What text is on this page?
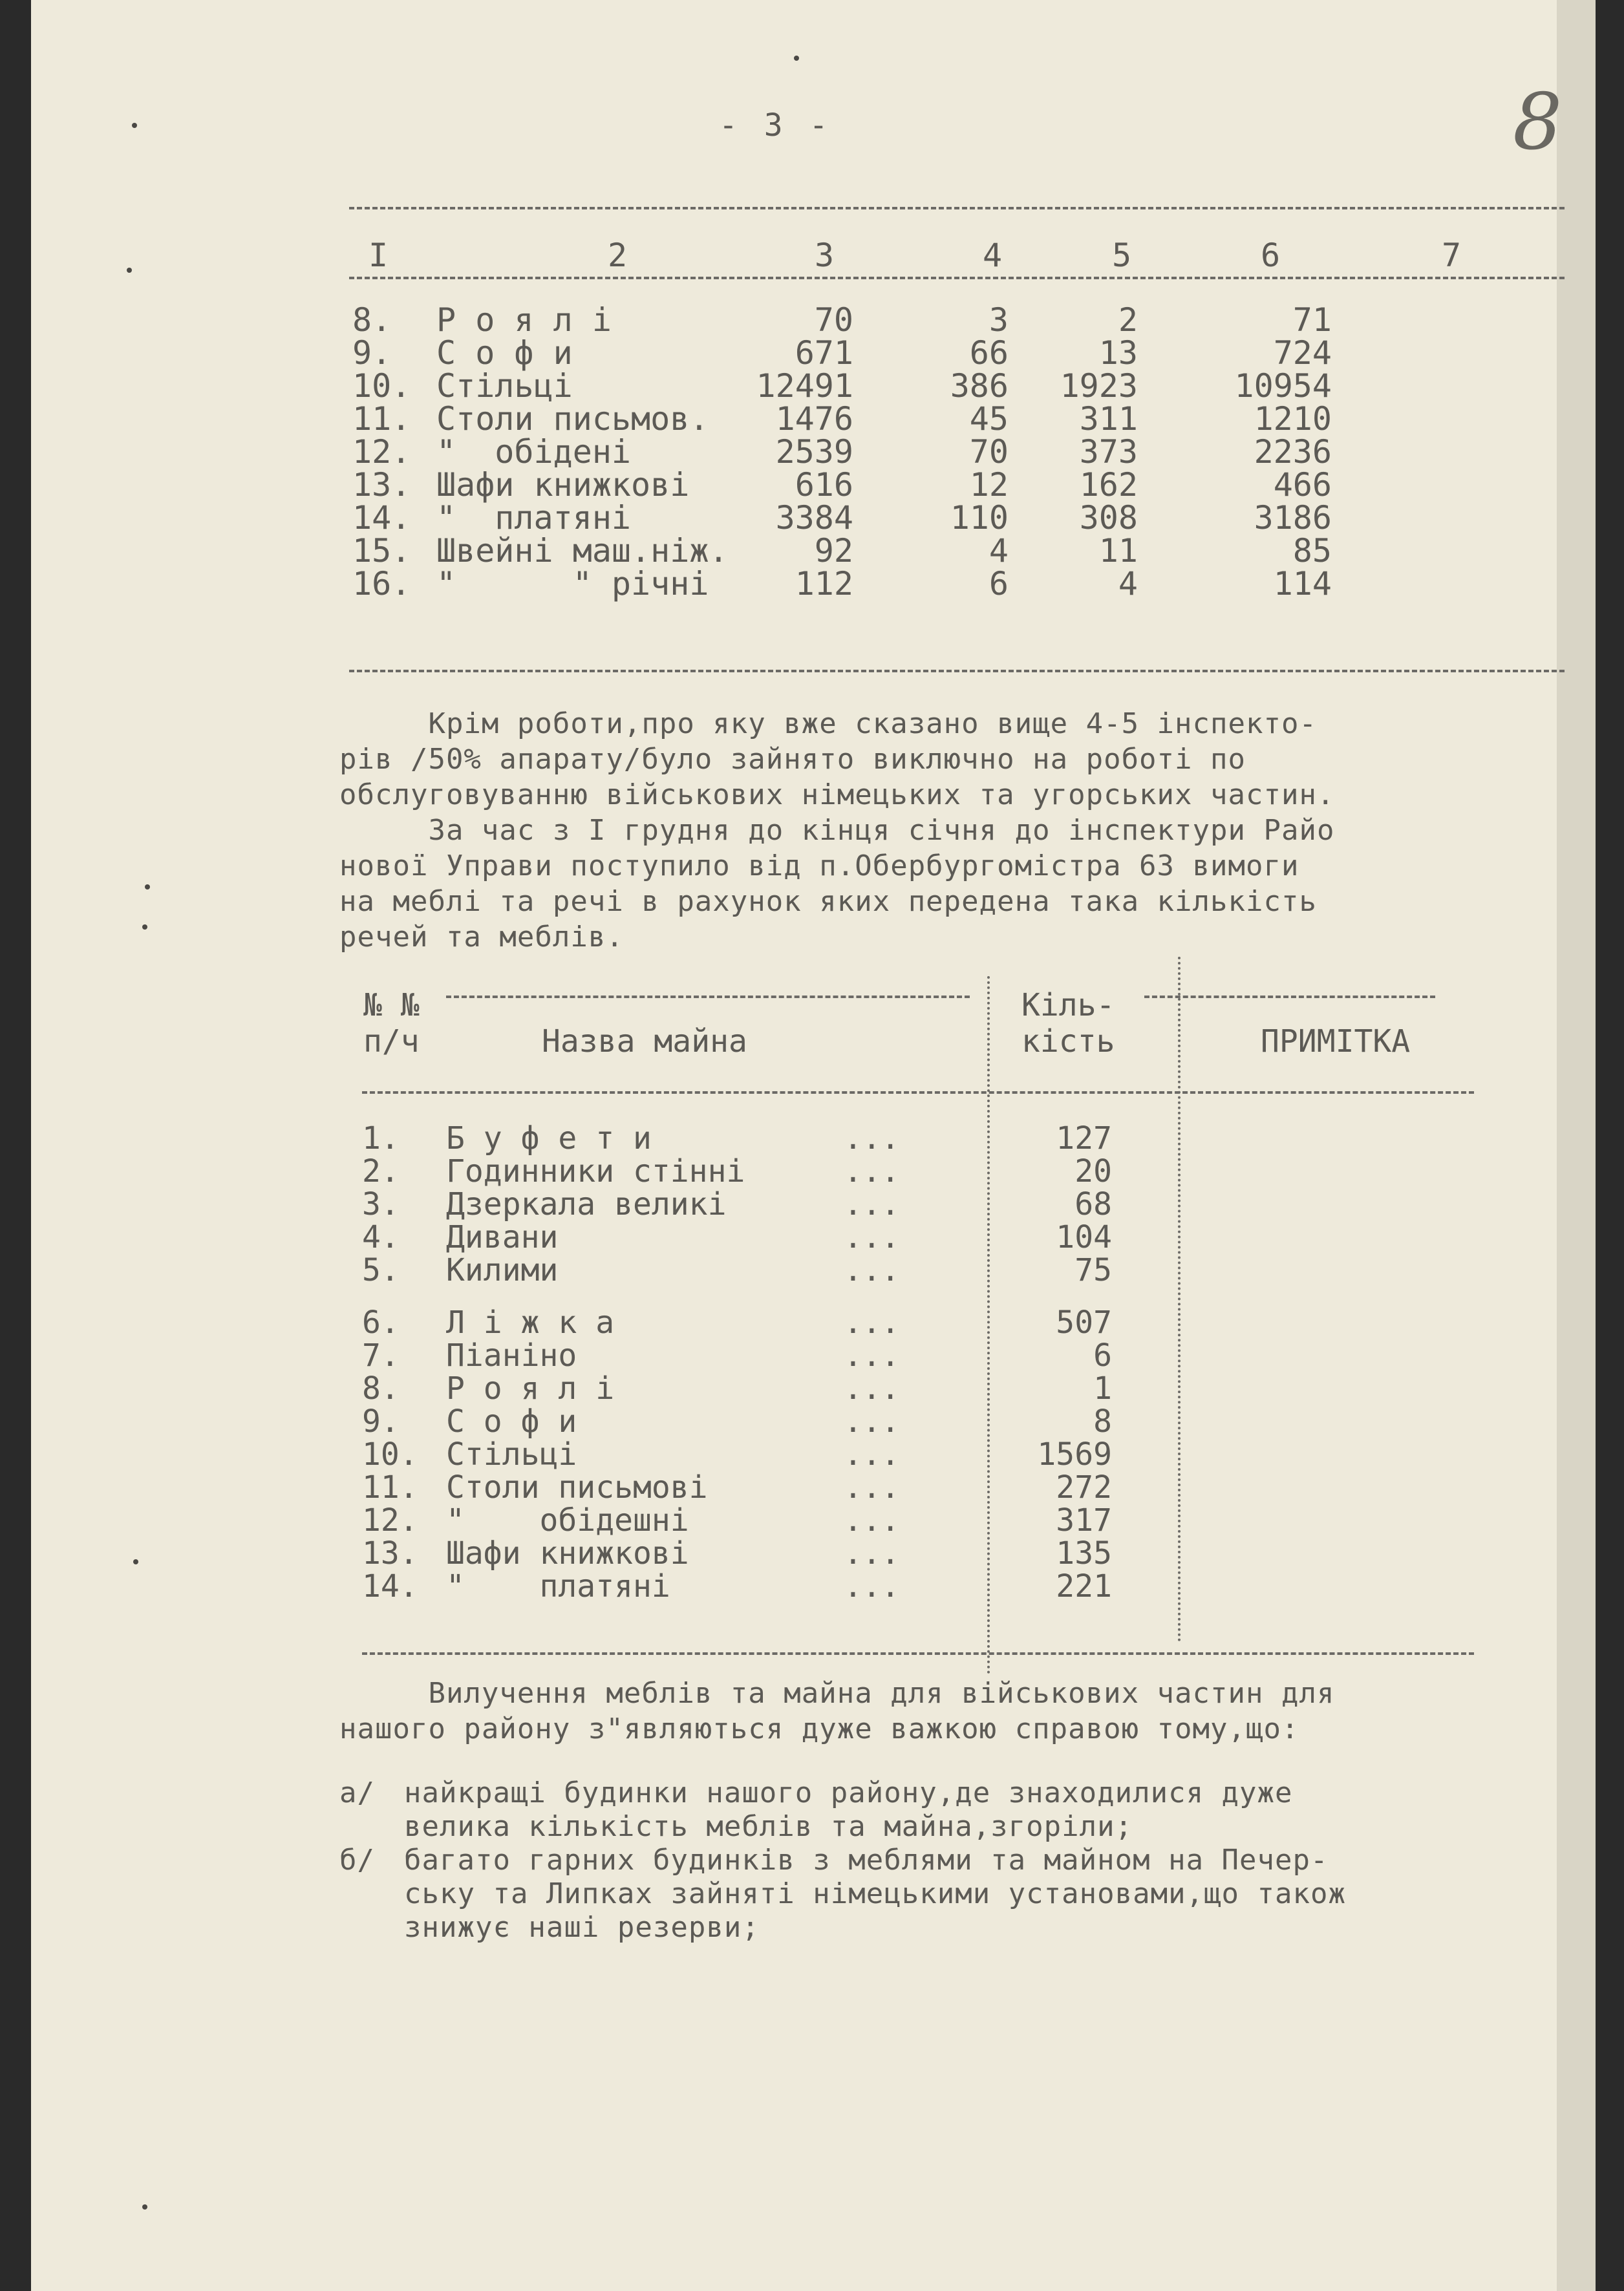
- 3 -	8
I	2	3	4	5	6	7
8. Р о я л і	70	3	2	71
9. С о ф и	671	66	13	724
10. Стільці	12491	386	1923	10954
11. Столи письмов.	1476	45	311	1210
12. "  обідені	2539	70	373	2236
13. Шафи книжкові	616	12	162	466
14. "  платяні	3384	110	308	3186
15. Швейні маш.ніж.	92	4	11	85
16. "      " річні	112	6	4	114
Крім роботи,про яку вже сказано вище 4-5 інспекто-
рів /50% апарату/було зайнято виключно на роботі по
обслуговуванню військових німецьких та угорських частин.
За час з I грудня до кінця січня до інспектури Райо
нової Управи поступило від п.Обербургомістра 63 вимоги
на меблі та речі в рахунок яких передена така кількість
речей та меблів.
№ №
п/ч	Назва майна
Кіль-
кість	ПРИМІТКА
1. Б у ф е т и	...	127
2. Годинники стінні	...	20
3. Дзеркала великі	...	68
4. Дивани	...	104
5. Килими	...	75
6. Л і ж к а	...	507
7. Піаніно	...	6
8. Р о я л і	...	1
9. С о ф и	...	8
10. Стільці	...	1569
11. Столи письмові	...	272
12. "    обідешні	...	317
13. Шафи книжкові	...	135
14. "    платяні	...	221
Вилучення меблів та майна для військових частин для
нашого району з"являються дуже важкою справою тому,що:
а/ найкращі будинки нашого району,де знаходилися дуже
велика кількість меблів та майна,згоріли;
б/ багато гарних будинків з меблями та майном на Печер-
ську та Липках зайняті німецькими установами,що також
знижує наші резерви;
